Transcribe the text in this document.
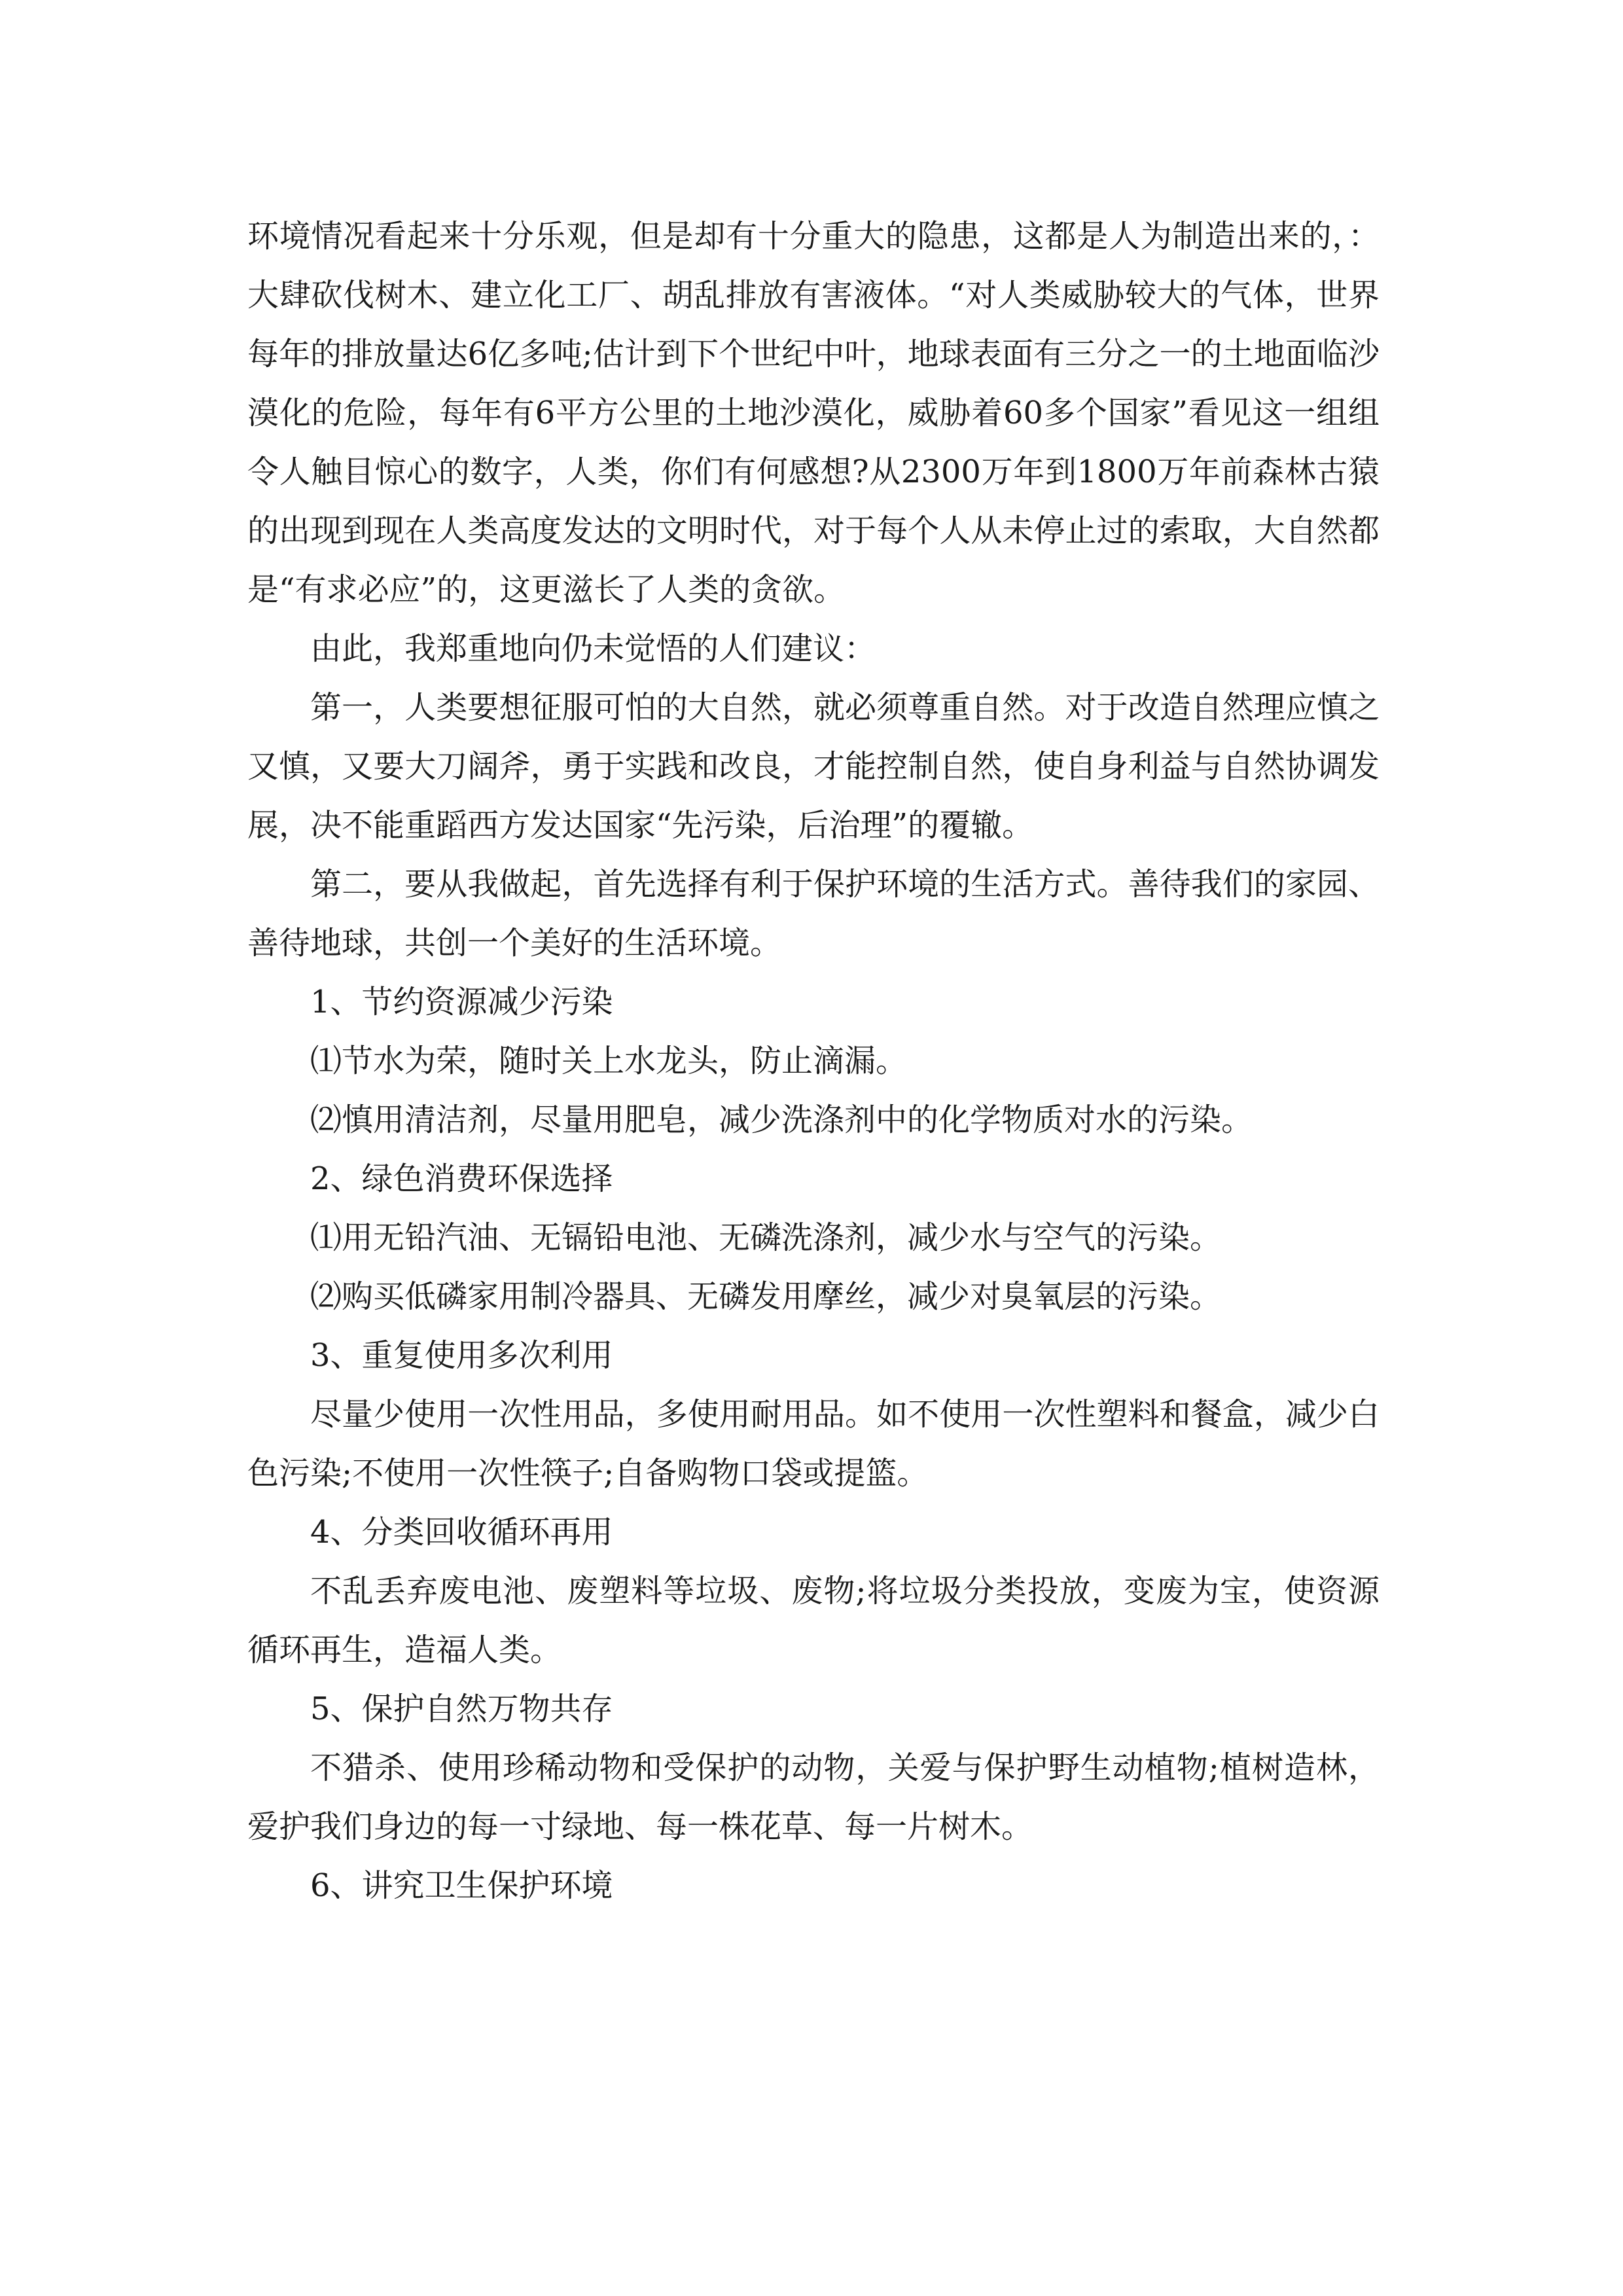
环境情况看起来十分乐观，但是却有十分重大的隐患，这都是人为制造出来的，：大肆砍伐树木、建立化工厂、胡乱排放有害液体。“对人类威胁较大的气体，世界每年的排放量达6亿多吨;估计到下个世纪中叶，地球表面有三分之一的土地面临沙漠化的危险，每年有6平方公里的土地沙漠化，威胁着60多个国家”看见这一组组令人触目惊心的数字，人类，你们有何感想?从2300万年到1800万年前森林古猿的出现到现在人类高度发达的文明时代，对于每个人从未停止过的索取，大自然都是“有求必应”的，这更滋长了人类的贪欲。

由此，我郑重地向仍未觉悟的人们建议：

第一，人类要想征服可怕的大自然，就必须尊重自然。对于改造自然理应慎之又慎，又要大刀阔斧，勇于实践和改良，才能控制自然，使自身利益与自然协调发展，决不能重蹈西方发达国家“先污染，后治理”的覆辙。

第二，要从我做起，首先选择有利于保护环境的生活方式。善待我们的家园、善待地球，共创一个美好的生活环境。

1、节约资源减少污染

⑴节水为荣，随时关上水龙头，防止滴漏。

⑵慎用清洁剂，尽量用肥皂，减少洗涤剂中的化学物质对水的污染。

2、绿色消费环保选择

⑴用无铅汽油、无镉铅电池、无磷洗涤剂，减少水与空气的污染。

⑵购买低磷家用制冷器具、无磷发用摩丝，减少对臭氧层的污染。

3、重复使用多次利用

尽量少使用一次性用品，多使用耐用品。如不使用一次性塑料和餐盒，减少白色污染;不使用一次性筷子;自备购物口袋或提篮。

4、分类回收循环再用

不乱丢弃废电池、废塑料等垃圾、废物;将垃圾分类投放，变废为宝，使资源循环再生，造福人类。

5、保护自然万物共存

不猎杀、使用珍稀动物和受保护的动物，关爱与保护野生动植物;植树造林，爱护我们身边的每一寸绿地、每一株花草、每一片树木。

6、讲究卫生保护环境
